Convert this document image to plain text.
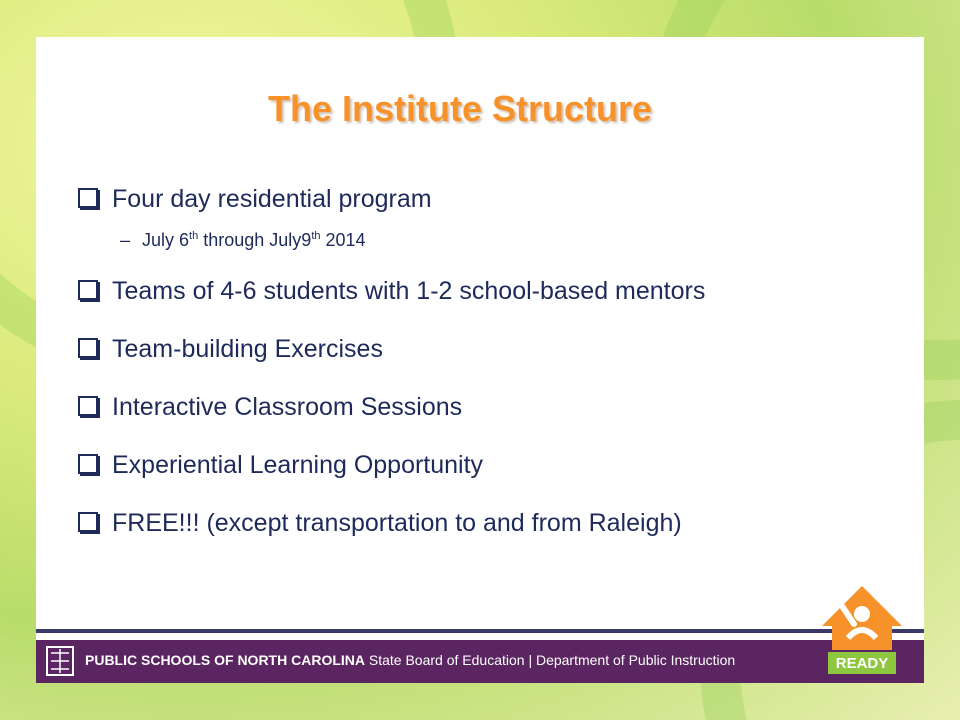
The Institute Structure
Four day residential program
– July 6th through July9th 2014
Teams of 4-6 students with 1-2 school-based mentors
Team-building Exercises
Interactive Classroom Sessions
Experiential Learning Opportunity
FREE!!! (except transportation to and from Raleigh)
PUBLIC SCHOOLS OF NORTH CAROLINA State Board of Education | Department of Public Instruction	READY
